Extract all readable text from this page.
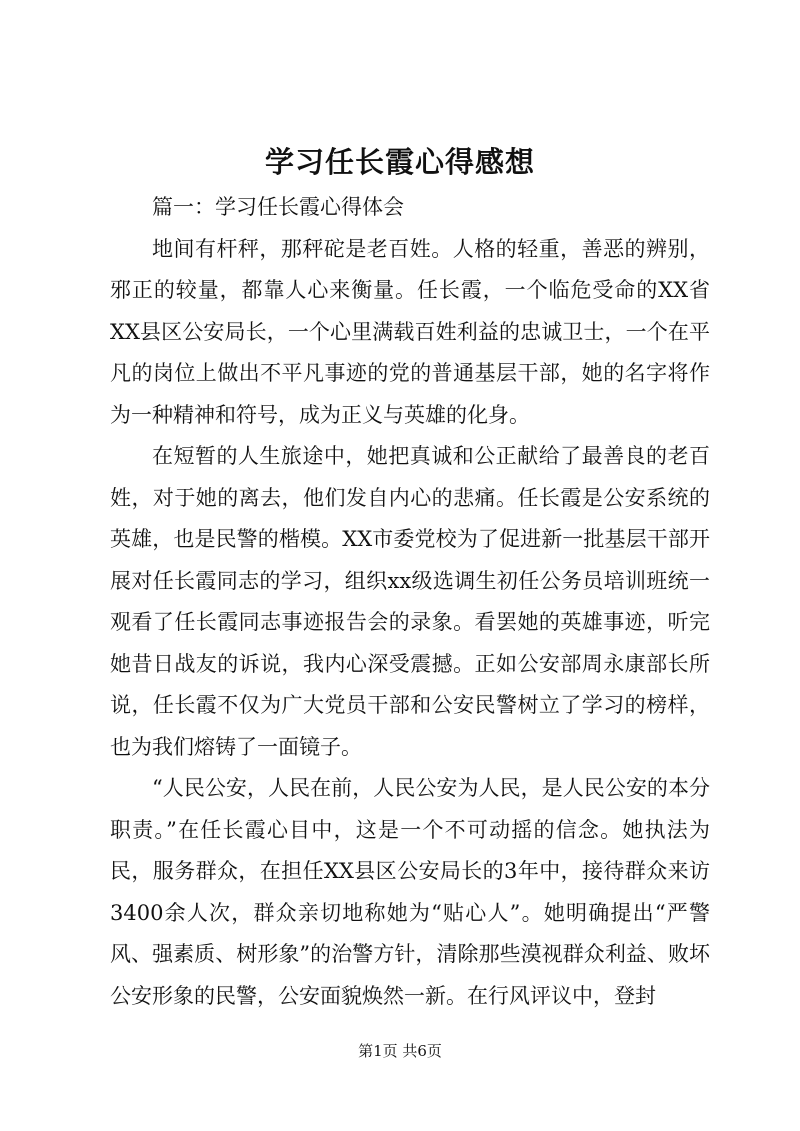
学习任长霞心得感想

篇一：学习任长霞心得体会

地间有杆秤，那秤砣是老百姓。人格的轻重，善恶的辨别，邪正的较量，都靠人心来衡量。任长霞，一个临危受命的XX省XX县区公安局长，一个心里满载百姓利益的忠诚卫士，一个在平凡的岗位上做出不平凡事迹的党的普通基层干部，她的名字将作为一种精神和符号，成为正义与英雄的化身。

在短暂的人生旅途中，她把真诚和公正献给了最善良的老百姓，对于她的离去，他们发自内心的悲痛。任长霞是公安系统的英雄，也是民警的楷模。XX市委党校为了促进新一批基层干部开展对任长霞同志的学习，组织xx级选调生初任公务员培训班统一观看了任长霞同志事迹报告会的录象。看罢她的英雄事迹，听完她昔日战友的诉说，我内心深受震撼。正如公安部周永康部长所说，任长霞不仅为广大党员干部和公安民警树立了学习的榜样，也为我们熔铸了一面镜子。

“人民公安，人民在前，人民公安为人民，是人民公安的本分职责。”在任长霞心目中，这是一个不可动摇的信念。她执法为民，服务群众，在担任XX县区公安局长的3年中，接待群众来访3400余人次，群众亲切地称她为“贴心人”。她明确提出“严警风、强素质、树形象”的治警方针，清除那些漠视群众利益、败坏公安形象的民警，公安面貌焕然一新。在行风评议中，登封

第1页 共6页
